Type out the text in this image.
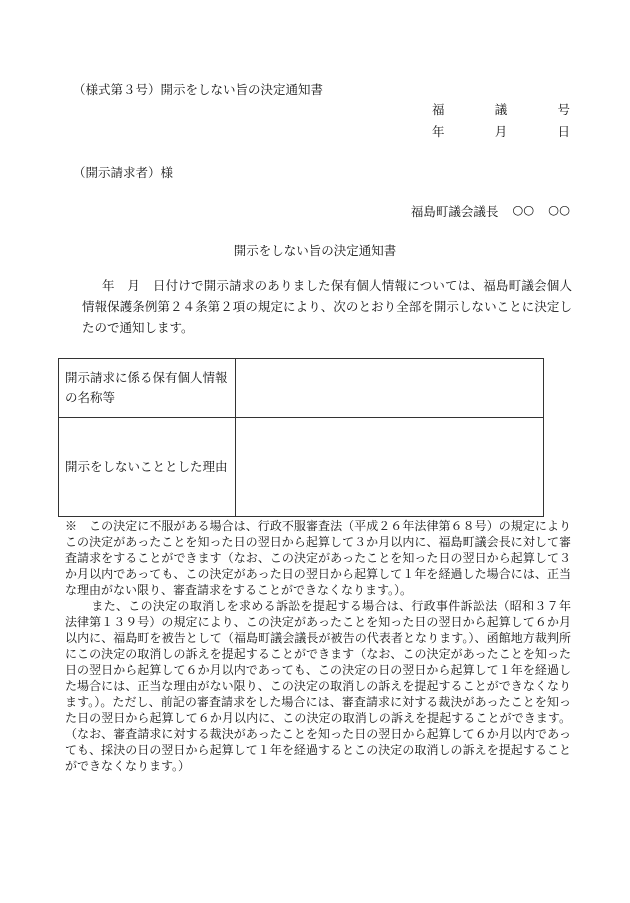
（様式第３号）開示をしない旨の決定通知書
福	議	号
年	月	日
（開示請求者）様
福島町議会議長 ○○ ○○
開示をしない旨の決定通知書
年　月　日付けで開示請求のありました保有個人情報については、福島町議会個人情報保護条例第２４条第２項の規定により、次のとおり全部を開示しないことに決定したので通知します。
開示請求に係る保有個人情報の名称等	
開示をしないこととした理由	

※　この決定に不服がある場合は、行政不服審査法（平成２６年法律第６８号）の規定によりこの決定があったことを知った日の翌日から起算して３か月以内に、福島町議会長に対して審査請求をすることができます（なお、この決定があったことを知った日の翌日から起算して３か月以内であっても、この決定があった日の翌日から起算して１年を経過した場合には、正当な理由がない限り、審査請求をすることができなくなります。）。

また、この決定の取消しを求める訴訟を提起する場合は、行政事件訴訟法（昭和３７年法律第１３９号）の規定により、この決定があったことを知った日の翌日から起算して６か月以内に、福島町を被告として（福島町議会議長が被告の代表者となります。）、函館地方裁判所にこの決定の取消しの訴えを提起することができます（なお、この決定があったことを知った日の翌日から起算して６か月以内であっても、この決定の日の翌日から起算して１年を経過した場合には、正当な理由がない限り、この決定の取消しの訴えを提起することができなくなります。）。ただし、前記の審査請求をした場合には、審査請求に対する裁決があったことを知った日の翌日から起算して６か月以内に、この決定の取消しの訴えを提起することができます。（なお、審査請求に対する裁決があったことを知った日の翌日から起算して６か月以内であっても、採決の日の翌日から起算して１年を経過するとこの決定の取消しの訴えを提起することができなくなります。）
